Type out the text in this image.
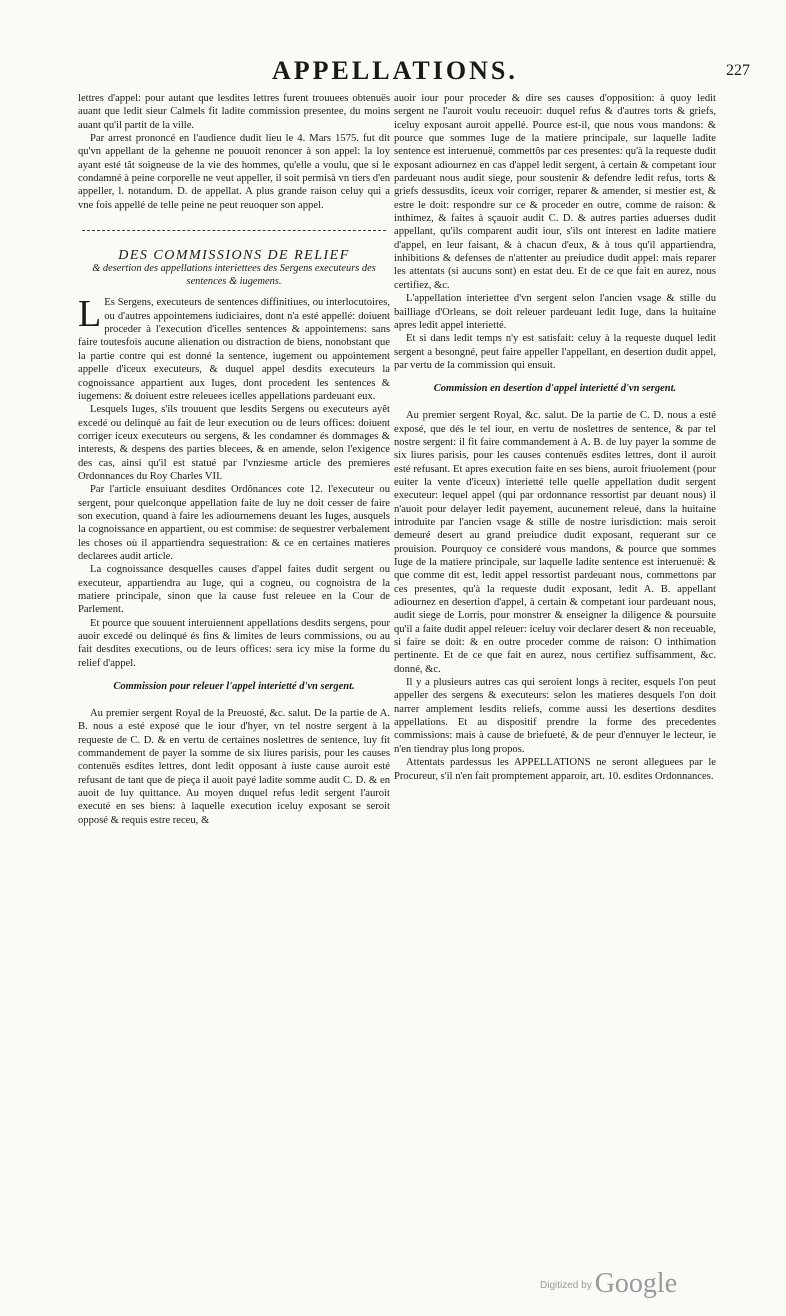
APPELLATIONS.	227

lettres d'appel: pour autant que lesdites lettres furent trouuees obtenuës auant que ledit sieur Calmels fit ladite commission presentee, du moins auant qu'il partit de la ville.

Par arrest prononcé en l'audience dudit lieu le 4. Mars 1575. fut dit qu'vn appellant de la gehenne ne pouuoit renoncer à son appel: la loy ayant esté tât soigneuse de la vie des hommes, qu'elle a voulu, que si le condamné à peine corporelle ne veut appeller, il soit permisà vn tiers d'en appeller, l. notandum. D. de appellat. A plus grande raison celuy qui a vne fois appellé de telle peine ne peut reuoquer son appel.

DES COMMISSIONS DE RELIEF
& desertion des appellations interiettees des Sergens executeurs des sentences & iugemens.

L Es Sergens, executeurs de sentences diffinitiues, ou interlocutoires, ou d'autres appointemens iudiciaires, dont n'a esté appellé: doiuent proceder à l'execution d'icelles sentences & appointemens: sans faire toutesfois aucune alienation ou distraction de biens, nonobstant que la partie contre qui est donné la sentence, iugement ou appointement appelle d'iceux executeurs, & duquel appel desdits executeurs la cognoissance appartient aux Iuges, dont procedent les sentences & iugemens: & doiuent estre releuees icelles appellations pardeuant eux.

Lesquels Iuges, s'ils trouuent que lesdits Sergens ou executeurs ayêt excedé ou delinqué au fait de leur execution ou de leurs offices: doiuent corriger iceux executeurs ou sergens, & les condamner és dommages & interests, & despens des parties blecees, & en amende, selon l'exigence des cas, ainsi qu'il est statué par l'vnziesme article des premieres Ordonnances du Roy Charles VII.

Par l'article ensuiuant desdites Ordônances cote 12. l'executeur ou sergent, pour quelconque appellation faite de luy ne doit cesser de faire son execution, quand à faire les adiournemens deuant les Iuges, ausquels la cognoissance en appartient, ou est commise: de sequestrer verbalement les choses où il appartiendra sequestration: & ce en certaines matieres declarees audit article.

La cognoissance desquelles causes d'appel faites dudit sergent ou executeur, appartiendra au Iuge, qui a cogneu, ou cognoistra de la matiere principale, sinon que la cause fust releuee en la Cour de Parlement.

Et pource que souuent interuiennent appellations desdits sergens, pour auoir excedé ou delinqué és fins & limites de leurs commissions, ou au fait desdites executions, ou de leurs offices: sera icy mise la forme du relief d'appel.

Commission pour releuer l'appel interietté d'vn sergent.

Au premier sergent Royal de la Preuosté, &c. salut. De la partie de A. B. nous a esté exposé que le iour d'hyer, vn tel nostre sergent à la requeste de C. D. & en vertu de certaines noslettres de sentence, luy fit commandement de payer la somme de six liures parisis, pour les causes contenuës esdites lettres, dont ledit opposant à iuste cause auroit esté refusant de tant que de pieça il auoit payé ladite somme audit C. D. & en auoit de luy quittance. Au moyen duquel refus ledit sergent l'auroit executé en ses biens: à laquelle execution iceluy exposant se seroit opposé & requis estre receu, &

auoir iour pour proceder & dire ses causes d'opposition: à quoy ledit sergent ne l'auroit voulu receuoir: duquel refus & d'autres torts & griefs, iceluy exposant auroit appellé. Pource est-il, que nous vous mandons: & pource que sommes Iuge de la matiere principale, sur laquelle ladite sentence est interuenuë, commettôs par ces presentes: qu'à la requeste dudit exposant adiournez en cas d'appel ledit sergent, à certain & competant iour pardeuant nous audit siege, pour soustenir & defendre ledit refus, torts & griefs dessusdits, iceux voir corriger, reparer & amender, si mestier est, & estre le doit: respondre sur ce & proceder en outre, comme de raison: & inthimez, & faites à sçauoir audit C. D. & autres parties aduerses dudit appellant, qu'ils comparent audit iour, s'ils ont interest en ladite matiere d'appel, en leur faisant, & à chacun d'eux, & à tous qu'il appartiendra, inhibitions & defenses de n'attenter au preiudice dudit appel: mais reparer les attentats (si aucuns sont) en estat deu. Et de ce que fait en aurez, nous certifiez, &c.

L'appellation interiettee d'vn sergent selon l'ancien vsage & stille du bailliage d'Orleans, se doit releuer pardeuant ledit Iuge, dans la huitaine apres ledit appel interietté.

Et si dans ledit temps n'y est satisfait: celuy à la requeste duquel ledit sergent a besongné, peut faire appeller l'appellant, en desertion dudit appel, par vertu de la commission qui ensuit.

Commission en desertion d'appel interietté d'vn sergent.

Au premier sergent Royal, &c. salut. De la partie de C. D. nous a esté exposé, que dés le tel iour, en vertu de noslettres de sentence, & par tel nostre sergent: il fit faire commandement à A. B. de luy payer la somme de six liures parisis, pour les causes contenuës esdites lettres, dont il auroit esté refusant. Et apres execution faite en ses biens, auroit friuolement (pour euiter la vente d'iceux) interietté telle quelle appellation dudit sergent executeur: lequel appel (qui par ordonnance ressortist par deuant nous) il n'auoit pour delayer ledit payement, aucunement releué, dans la huitaine introduite par l'ancien vsage & stille de nostre iurisdiction: mais seroit demeuré desert au grand preiudice dudit exposant, requerant sur ce prouision. Pourquoy ce consideré vous mandons, & pource que sommes Iuge de la matiere principale, sur laquelle ladite sentence est interuenuë: & que comme dit est, ledit appel ressortist pardeuant nous, commettons par ces presentes, qu'à la requeste dudit exposant, ledit A. B. appellant adiournez en desertion d'appel, à certain & competant iour pardeuant nous, audit siege de Lorris, pour monstrer & enseigner la diligence & poursuite qu'il a faite dudit appel releuer: iceluy voir declarer desert & non receuable, si faire se doit: & en outre proceder comme de raison: O inthimation pertinente. Et de ce que fait en aurez, nous certifiez suffisamment, &c. donné, &c.

Il y a plusieurs autres cas qui seroient longs à reciter, esquels l'on peut appeller des sergens & executeurs: selon les matieres desquels l'on doit narrer amplement lesdits reliefs, comme aussi les desertions desdites appellations. Et au dispositif prendre la forme des precedentes commissions: mais à cause de briefueté, & de peur d'ennuyer le lecteur, ie n'en tiendray plus long propos.

Attentats pardessus les APPELLATIONS ne seront alleguees par le Procureur, s'il n'en fait promptement apparoir, art. 10. esdites Ordonnances.

$^{Digitized by}$ Google
